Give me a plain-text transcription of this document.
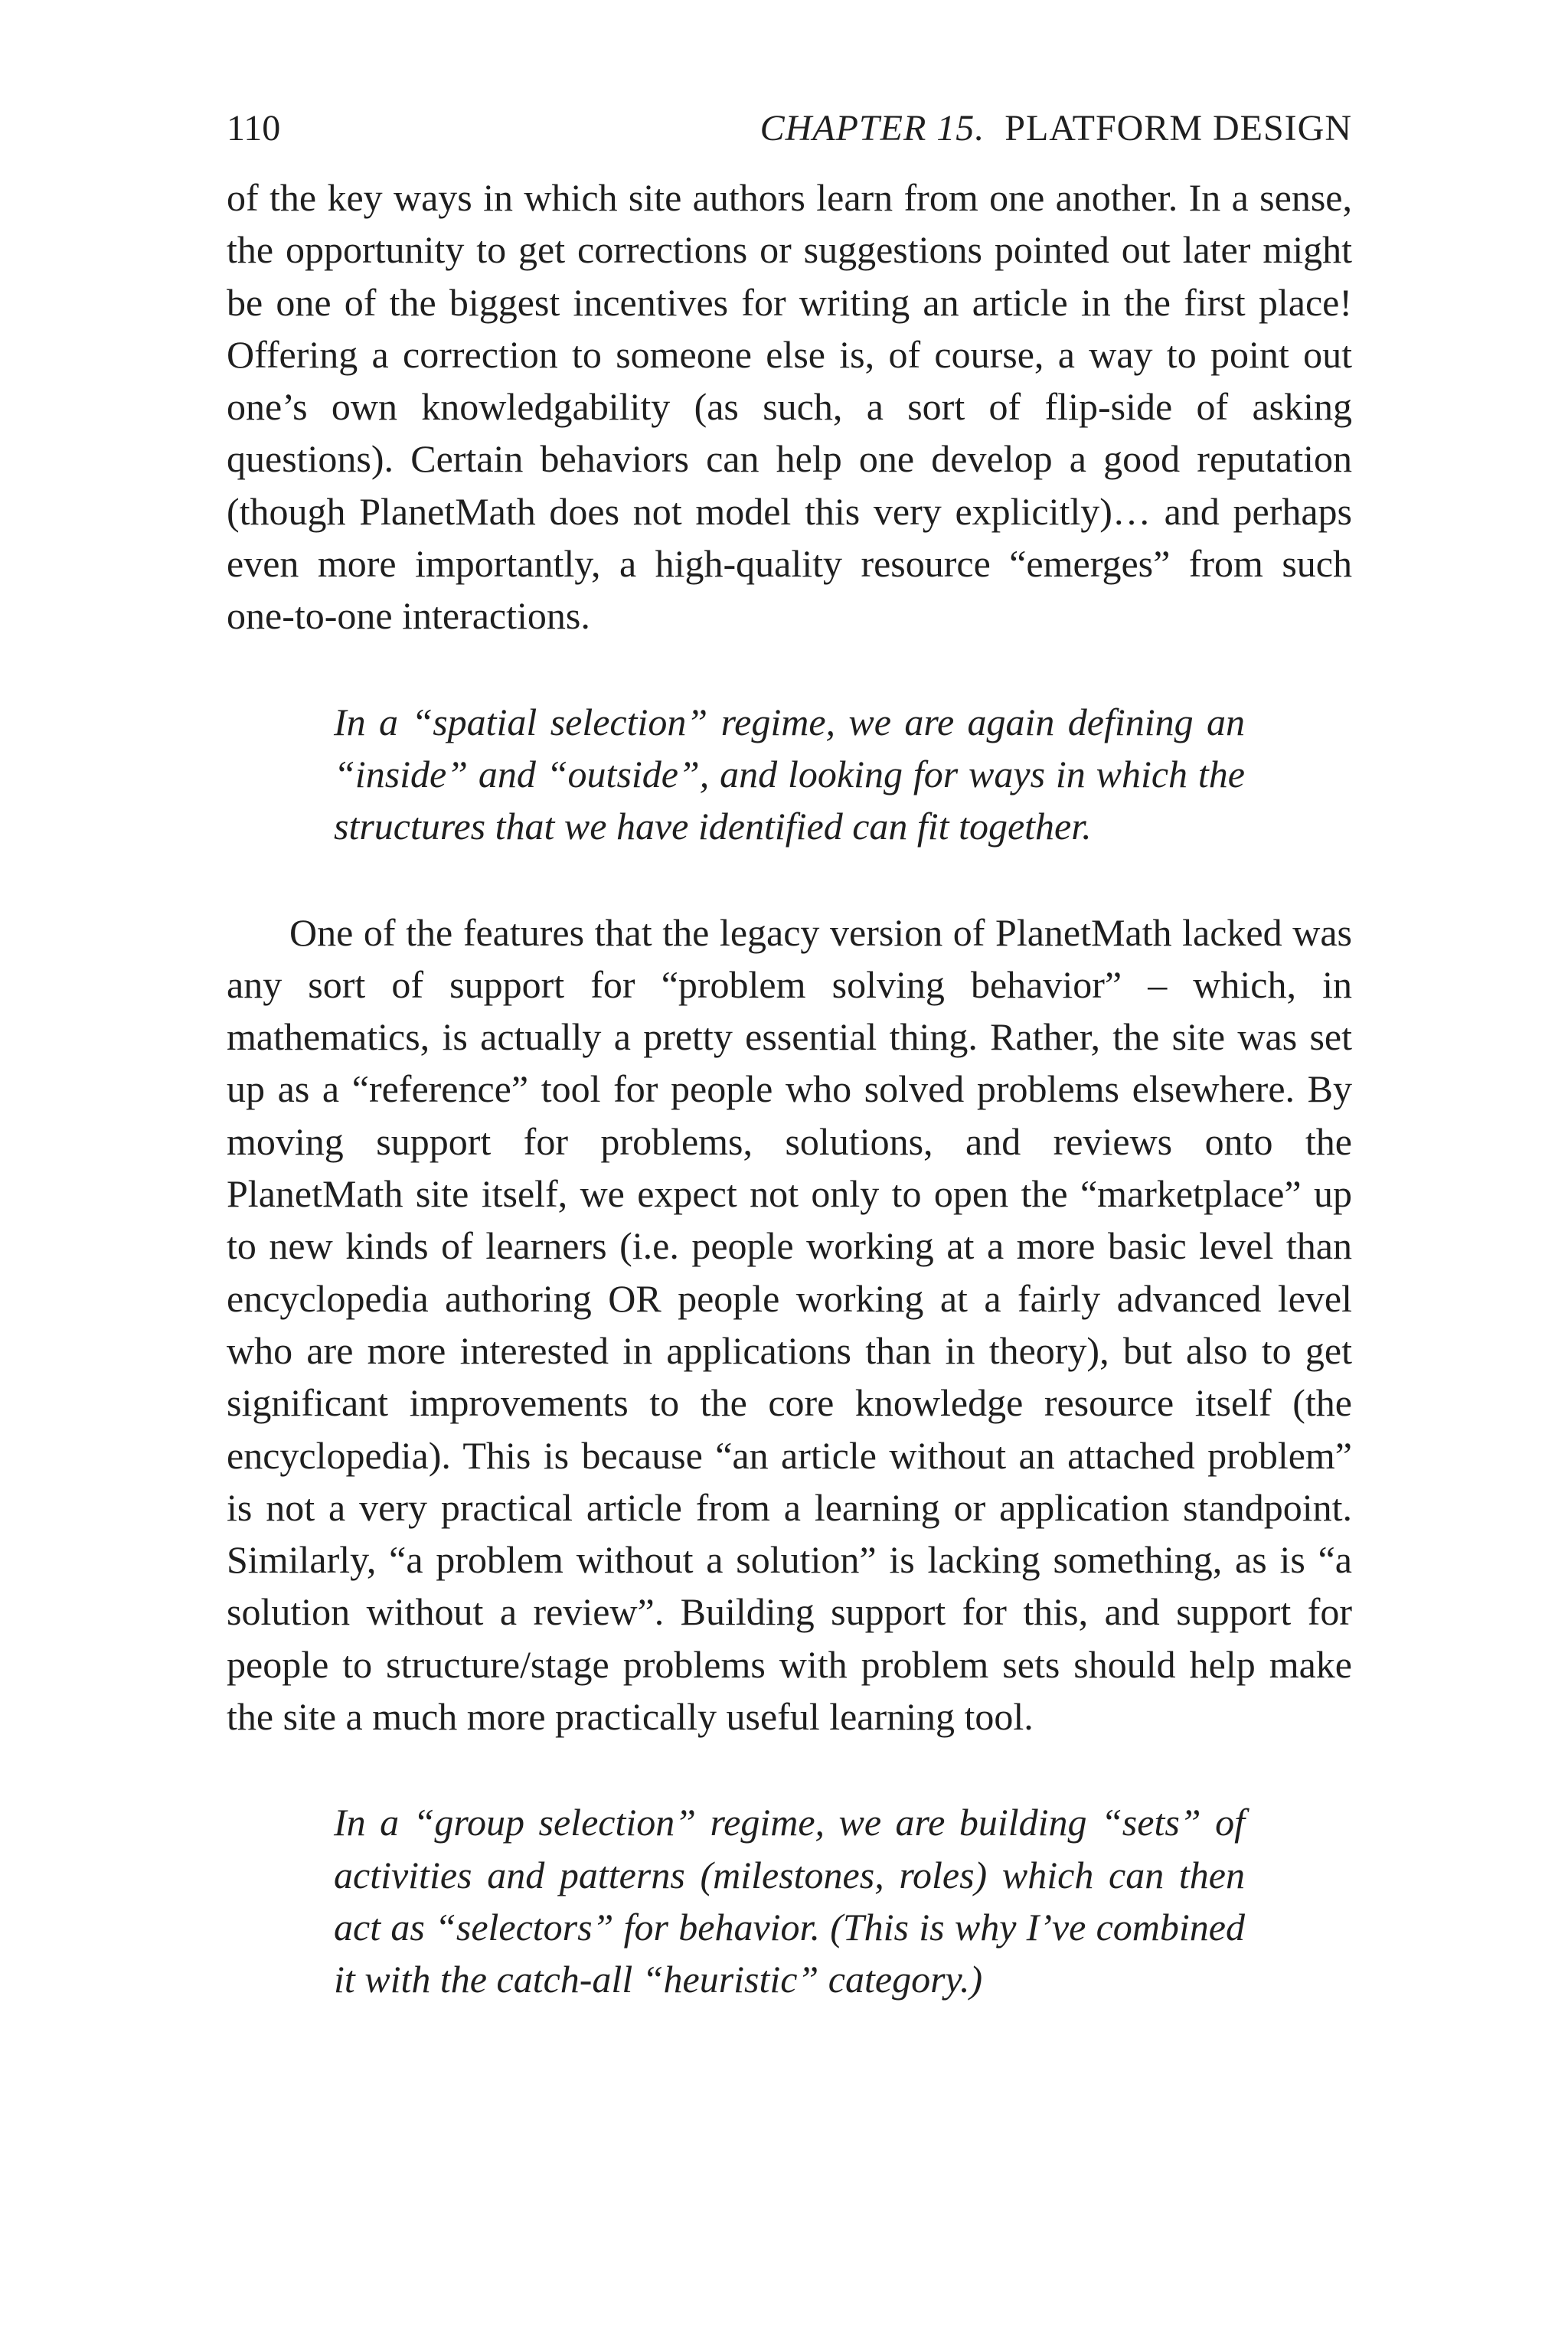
110	CHAPTER 15. PLATFORM DESIGN

of the key ways in which site authors learn from one another. In a sense, the opportunity to get corrections or suggestions pointed out later might be one of the biggest incentives for writing an article in the first place! Offering a correction to someone else is, of course, a way to point out one’s own knowledgability (as such, a sort of flip-side of asking questions). Certain behaviors can help one develop a good reputation (though PlanetMath does not model this very explicitly)… and perhaps even more importantly, a high-quality resource “emerges” from such one-to-one interactions.

In a “spatial selection” regime, we are again defining an “inside” and “outside”, and looking for ways in which the structures that we have identified can fit together.

One of the features that the legacy version of PlanetMath lacked was any sort of support for “problem solving behavior” – which, in mathematics, is actually a pretty essential thing. Rather, the site was set up as a “reference” tool for people who solved problems elsewhere. By moving support for problems, solutions, and reviews onto the PlanetMath site itself, we expect not only to open the “marketplace” up to new kinds of learners (i.e. people working at a more basic level than encyclopedia authoring OR people working at a fairly advanced level who are more interested in applications than in theory), but also to get significant improvements to the core knowledge resource itself (the encyclopedia). This is because “an article without an attached problem” is not a very practical article from a learning or application standpoint. Similarly, “a problem without a solution” is lacking something, as is “a solution without a review”. Building support for this, and support for people to structure/stage problems with problem sets should help make the site a much more practically useful learning tool.

In a “group selection” regime, we are building “sets” of activities and patterns (milestones, roles) which can then act as “selectors” for behavior. (This is why I’ve combined it with the catch-all “heuristic” category.)
